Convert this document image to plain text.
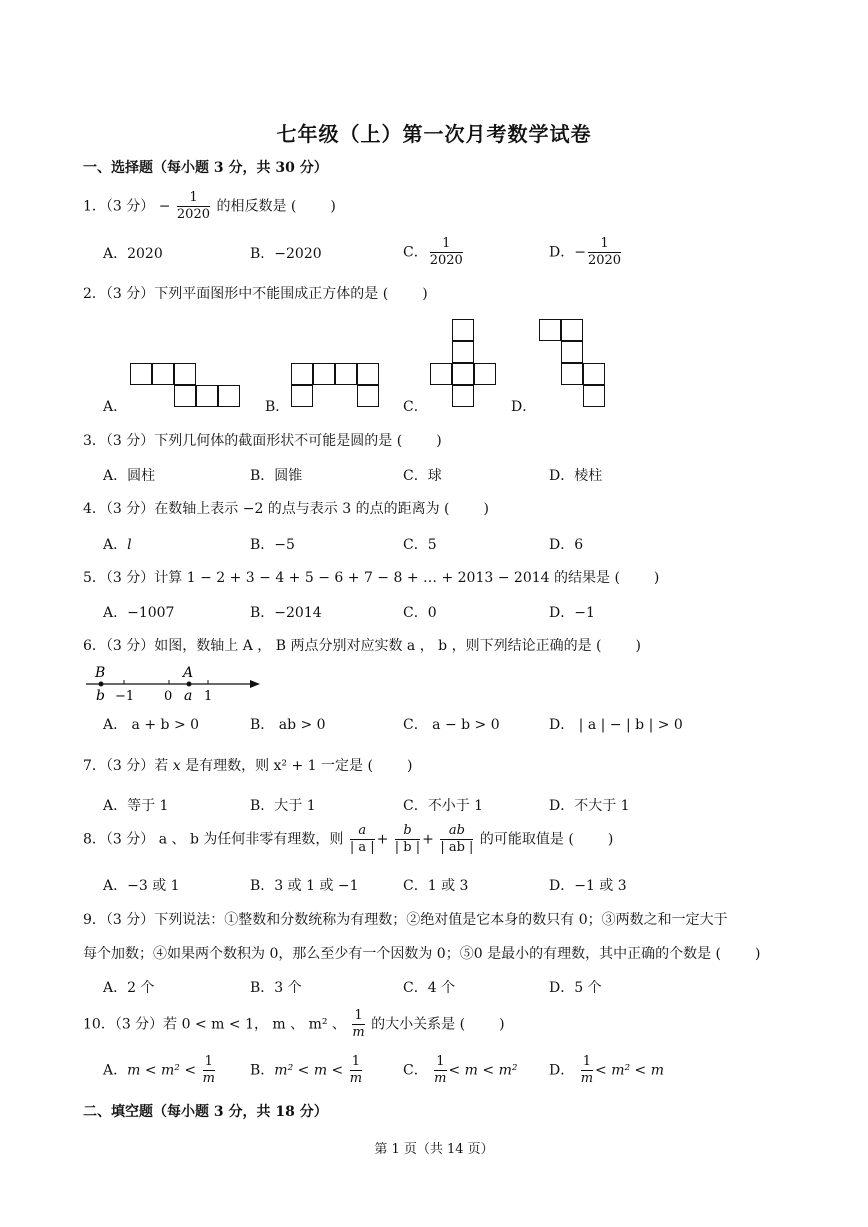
七年级（上）第一次月考数学试卷
一、选择题（每小题 3 分，共 30 分）
1．（3 分） − $\frac{1}{2020}$ 的相反数是 ( )
A．2020	B．−2020	C． $\frac{1}{2020}$	D．− $\frac{1}{2020}$
2．（3 分）下列平面图形中不能围成正方体的是 ( )
A．	B．	C．	D．
3．（3 分）下列几何体的截面形状不可能是圆的是 ( )
A．圆柱	B．圆锥	C．球	D．棱柱
4．（3 分）在数轴上表示 −2 的点与表示 3 的点的距离为 ( )
A．l	B．−5	C．5	D．6
5．（3 分）计算 1 − 2 + 3 − 4 + 5 − 6 + 7 − 8 + … + 2013 − 2014 的结果是 ( )
A．−1007	B．−2014	C．0	D．−1
6．（3 分）如图，数轴上 A ， B 两点分别对应实数 a ， b ，则下列结论正确的是 ( )
B	A
b −1 0 a 1
A． a + b > 0	B． ab > 0	C． a − b > 0	D． | a | − | b | > 0
7．（3 分）若 x 是有理数，则 x² + 1 一定是 ( )
A．等于 1	B．大于 1	C．不小于 1	D．不大于 1
8．（3 分） a 、 b 为任何非零有理数，则 $\frac{a}{| a |} + \frac{b}{| b |} + \frac{ab}{| ab |}$ 的可能取值是 ( )
A．−3 或 1	B．3 或 1 或 −1	C．1 或 3	D．−1 或 3
9．（3 分）下列说法：①整数和分数统称为有理数；②绝对值是它本身的数只有 0；③两数之和一定大于
每个加数；④如果两个数积为 0，那么至少有一个因数为 0；⑤0 是最小的有理数，其中正确的个数是 ( )
A．2 个	B．3 个	C．4 个	D．5 个
10．（3 分）若 0 < m < 1， m 、 m² 、 $\frac{1}{m}$ 的大小关系是 ( )
A．$m < m^2 < \frac{1}{m}$	B．$m^2 < m < \frac{1}{m}$	C． $\frac{1}{m} < m < m^2$ D． $\frac{1}{m} < m^2 < m$
二、填空题（每小题 3 分，共 18 分）
第 1 页（共 14 页）
